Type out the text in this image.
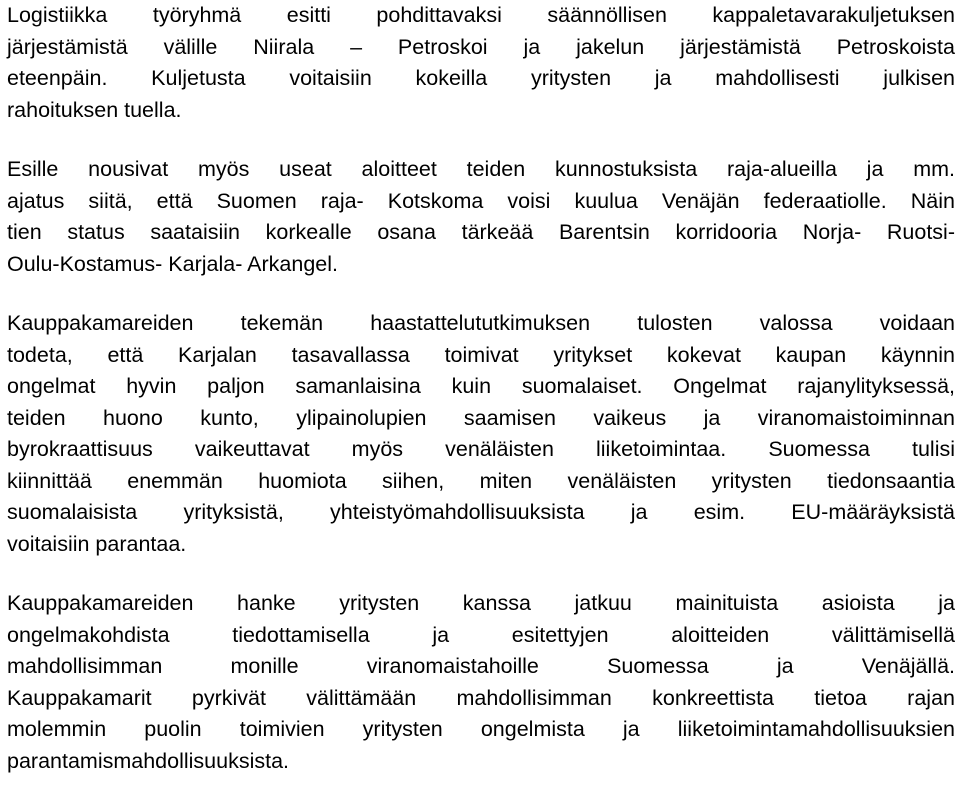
Logistiikka työryhmä esitti pohdittavaksi säännöllisen kappaletavarakuljetuksen
järjestämistä välille Niirala – Petroskoi ja jakelun järjestämistä Petroskoista
eteenpäin. Kuljetusta voitaisiin kokeilla yritysten ja mahdollisesti julkisen
rahoituksen tuella.

Esille nousivat myös useat aloitteet teiden kunnostuksista raja-alueilla ja mm.
ajatus siitä, että Suomen raja- Kotskoma voisi kuulua Venäjän federaatiolle. Näin
tien status saataisiin korkealle osana tärkeää Barentsin korridooria Norja- Ruotsi-
Oulu-Kostamus- Karjala- Arkangel.

Kauppakamareiden tekemän haastattelututkimuksen tulosten valossa voidaan
todeta, että Karjalan tasavallassa toimivat yritykset kokevat kaupan käynnin
ongelmat hyvin paljon samanlaisina kuin suomalaiset. Ongelmat rajanylityksessä,
teiden huono kunto, ylipainolupien saamisen vaikeus ja viranomaistoiminnan
byrokraattisuus vaikeuttavat myös venäläisten liiketoimintaa. Suomessa tulisi
kiinnittää enemmän huomiota siihen, miten venäläisten yritysten tiedonsaantia
suomalaisista yrityksistä, yhteistyömahdollisuuksista ja esim. EU-määräyksistä
voitaisiin parantaa.

Kauppakamareiden hanke yritysten kanssa jatkuu mainituista asioista ja
ongelmakohdista tiedottamisella ja esitettyjen aloitteiden välittämisellä
mahdollisimman monille viranomaistahoille Suomessa ja Venäjällä.
Kauppakamarit pyrkivät välittämään mahdollisimman konkreettista tietoa rajan
molemmin puolin toimivien yritysten ongelmista ja liiketoimintamahdollisuuksien
parantamismahdollisuuksista.
